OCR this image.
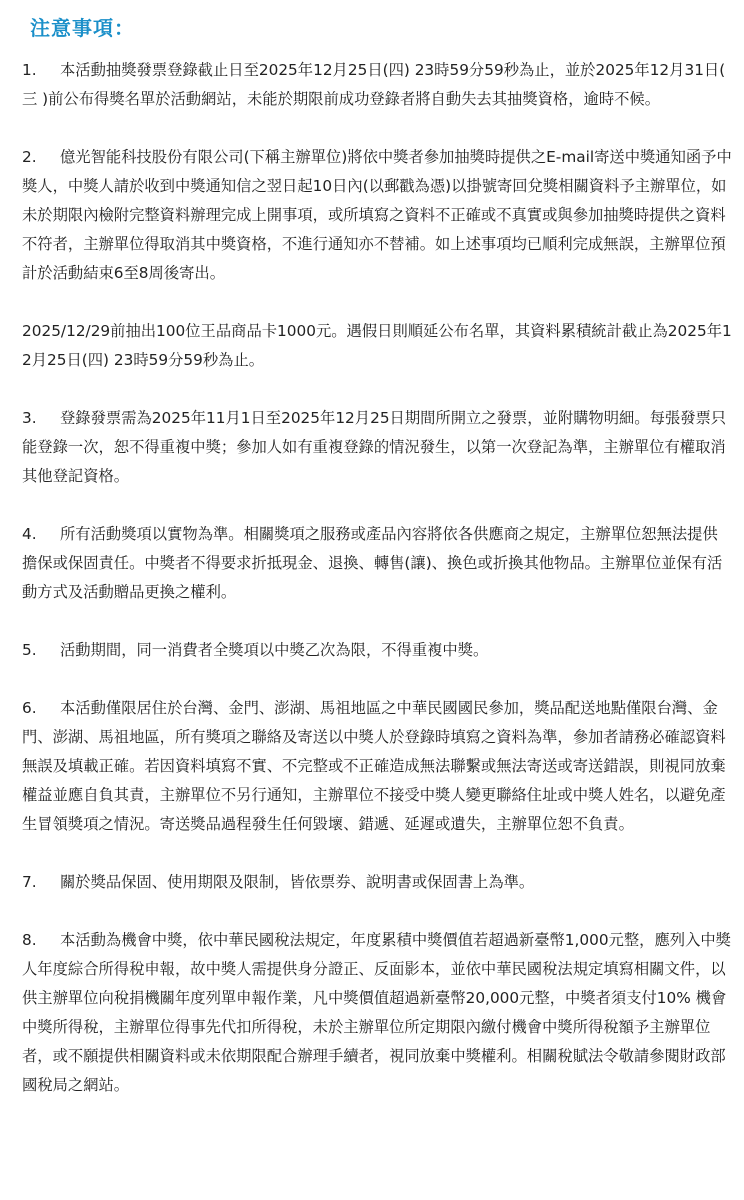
注意事項：

1. 本活動抽獎發票登錄截止日至2025年12月25日(四) 23時59分59秒為止，並於2025年12月31日( 三 )前公布得獎名單於活動網站，未能於期限前成功登錄者將自動失去其抽獎資格，逾時不候。

2. 億光智能科技股份有限公司(下稱主辦單位)將依中獎者參加抽獎時提供之E-mail寄送中獎通知函予中獎人，中獎人請於收到中獎通知信之翌日起10日內(以郵戳為憑)以掛號寄回兌獎相關資料予主辦單位，如未於期限內檢附完整資料辦理完成上開事項，或所填寫之資料不正確或不真實或與參加抽獎時提供之資料不符者，主辦單位得取消其中獎資格，不進行通知亦不替補。如上述事項均已順利完成無誤，主辦單位預計於活動結束6至8周後寄出。

2025/12/29前抽出100位王品商品卡1000元。遇假日則順延公布名單，其資料累積統計截止為2025年12月25日(四) 23時59分59秒為止。

3. 登錄發票需為2025年11月1日至2025年12月25日期間所開立之發票，並附購物明細。每張發票只能登錄一次，恕不得重複中獎；參加人如有重複登錄的情況發生，以第一次登記為準，主辦單位有權取消其他登記資格。

4. 所有活動獎項以實物為準。相關獎項之服務或產品內容將依各供應商之規定，主辦單位恕無法提供擔保或保固責任。中獎者不得要求折抵現金、退換、轉售(讓)、換色或折換其他物品。主辦單位並保有活動方式及活動贈品更換之權利。

5. 活動期間，同一消費者全獎項以中獎乙次為限，不得重複中獎。

6. 本活動僅限居住於台灣、金門、澎湖、馬祖地區之中華民國國民參加，獎品配送地點僅限台灣、金門、澎湖、馬祖地區，所有獎項之聯絡及寄送以中獎人於登錄時填寫之資料為準，參加者請務必確認資料無誤及填載正確。若因資料填寫不實、不完整或不正確造成無法聯繫或無法寄送或寄送錯誤，則視同放棄權益並應自負其責，主辦單位不另行通知，主辦單位不接受中獎人變更聯絡住址或中獎人姓名，以避免產生冒領獎項之情況。寄送獎品過程發生任何毀壞、錯遞、延遲或遺失，主辦單位恕不負責。

7. 關於獎品保固、使用期限及限制，皆依票券、說明書或保固書上為準。

8. 本活動為機會中獎，依中華民國稅法規定，年度累積中獎價值若超過新臺幣1,000元整，應列入中獎人年度綜合所得稅申報，故中獎人需提供身分證正、反面影本，並依中華民國稅法規定填寫相關文件，以供主辦單位向稅捐機關年度列單申報作業，凡中獎價值超過新臺幣20,000元整，中獎者須支付10% 機會中獎所得稅，主辦單位得事先代扣所得稅，未於主辦單位所定期限內繳付機會中獎所得稅額予主辦單位者，或不願提供相關資料或未依期限配合辦理手續者，視同放棄中獎權利。相關稅賦法令敬請參閱財政部國稅局之網站。
